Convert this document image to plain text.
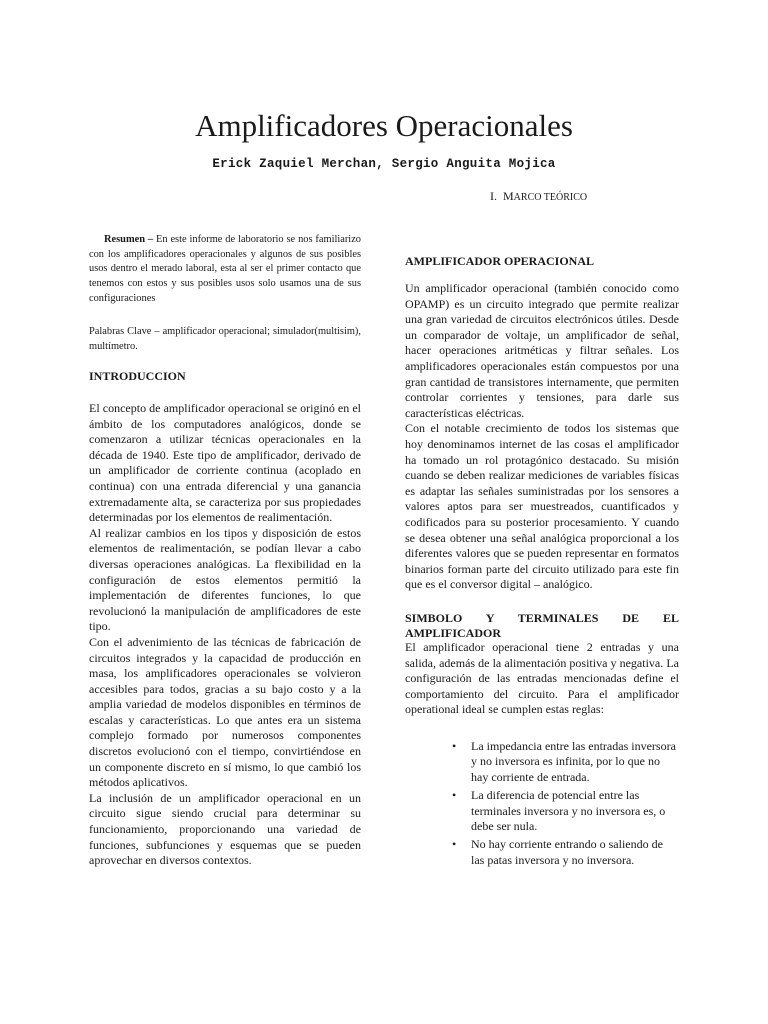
Amplificadores Operacionales
Erick Zaquiel Merchan, Sergio Anguita Mojica
I. MARCO TEÓRICO
Resumen – En este informe de laboratorio se nos familiarizo con los amplificadores operacionales y algunos de sus posibles usos dentro el merado laboral, esta al ser el primer contacto que tenemos con estos y sus posibles usos solo usamos una de sus configuraciones
Palabras Clave – amplificador operacional; simulador(multisim), multímetro.
INTRODUCCION

El concepto de amplificador operacional se originó en el ámbito de los computadores analógicos, donde se comenzaron a utilizar técnicas operacionales en la década de 1940. Este tipo de amplificador, derivado de un amplificador de corriente continua (acoplado en continua) con una entrada diferencial y una ganancia extremadamente alta, se caracteriza por sus propiedades determinadas por los elementos de realimentación.

Al realizar cambios en los tipos y disposición de estos elementos de realimentación, se podían llevar a cabo diversas operaciones analógicas. La flexibilidad en la configuración de estos elementos permitió la implementación de diferentes funciones, lo que revolucionó la manipulación de amplificadores de este tipo.

Con el advenimiento de las técnicas de fabricación de circuitos integrados y la capacidad de producción en masa, los amplificadores operacionales se volvieron accesibles para todos, gracias a su bajo costo y a la amplia variedad de modelos disponibles en términos de escalas y características. Lo que antes era un sistema complejo formado por numerosos componentes discretos evolucionó con el tiempo, convirtiéndose en un componente discreto en sí mismo, lo que cambió los métodos aplicativos.

La inclusión de un amplificador operacional en un circuito sigue siendo crucial para determinar su funcionamiento, proporcionando una variedad de funciones, subfunciones y esquemas que se pueden aprovechar en diversos contextos.

AMPLIFICADOR OPERACIONAL

Un amplificador operacional (también conocido como OPAMP) es un circuito integrado que permite realizar una gran variedad de circuitos electrónicos útiles. Desde un comparador de voltaje, un amplificador de señal, hacer operaciones aritméticas y filtrar señales. Los amplificadores operacionales están compuestos por una gran cantidad de transistores internamente, que permiten controlar corrientes y tensiones, para darle sus características eléctricas.

Con el notable crecimiento de todos los sistemas que hoy denominamos internet de las cosas el amplificador ha tomado un rol protagónico destacado. Su misión cuando se deben realizar mediciones de variables físicas es adaptar las señales suministradas por los sensores a valores aptos para ser muestreados, cuantificados y codificados para su posterior procesamiento. Y cuando se desea obtener una señal analógica proporcional a los diferentes valores que se pueden representar en formatos binarios forman parte del circuito utilizado para este fin que es el conversor digital – analógico.

SIMBOLO Y TERMINALES DE EL AMPLIFICADOR

El amplificador operacional tiene 2 entradas y una salida, además de la alimentación positiva y negativa. La configuración de las entradas mencionadas define el comportamiento del circuito. Para el amplificador operational ideal se cumplen estas reglas:

• La impedancia entre las entradas inversora y no inversora es infinita, por lo que no hay corriente de entrada.
• La diferencia de potencial entre las terminales inversora y no inversora es, o debe ser nula.
• No hay corriente entrando o saliendo de las patas inversora y no inversora.
